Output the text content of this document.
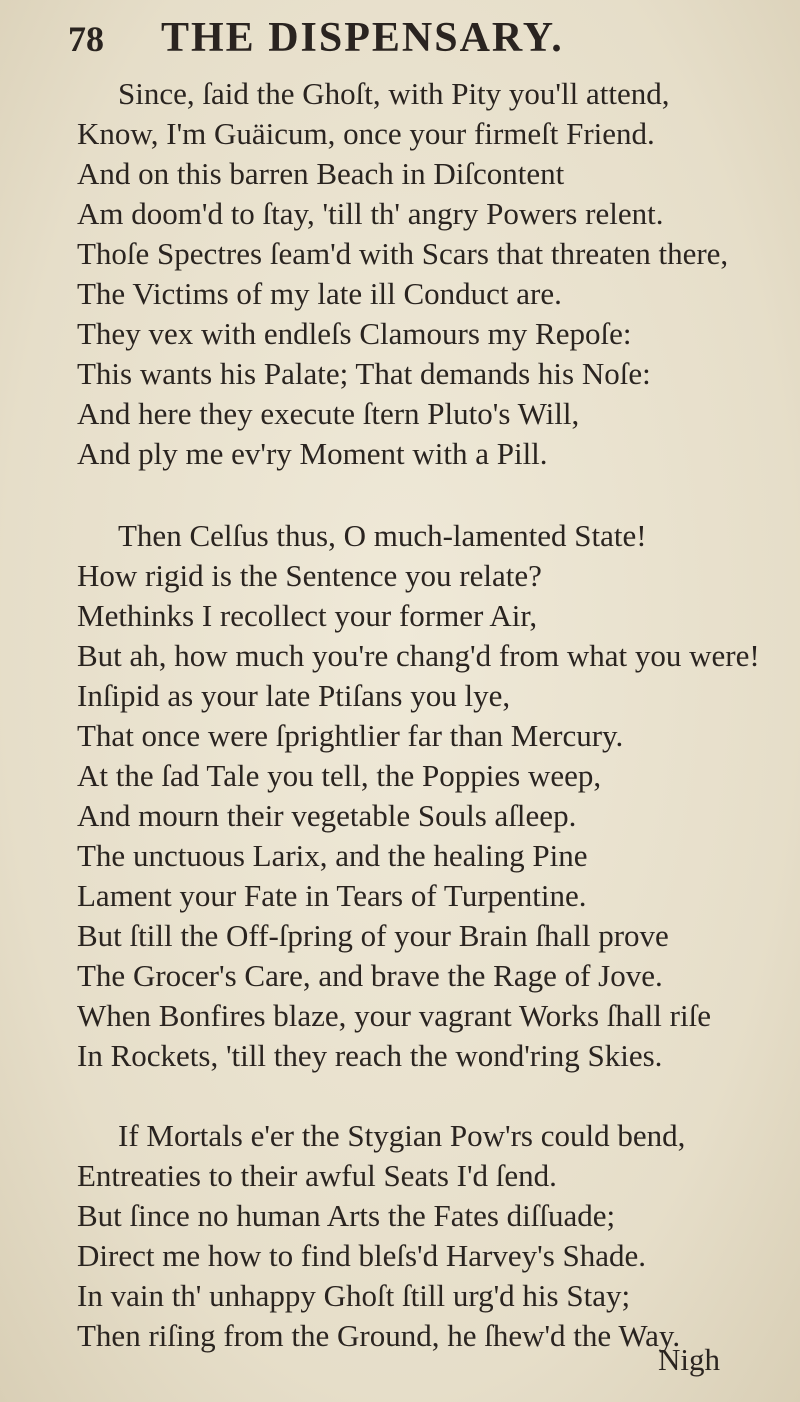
78 THE DISPENSARY.
Since, ſaid the Ghoſt, with Pity you'll attend,
Know, I'm Guäicum, once your firmeſt Friend.
And on this barren Beach in Diſcontent
Am doom'd to ſtay, 'till th' angry Powers relent.
Thoſe Spectres ſeam'd with Scars that threaten there,
The Victims of my late ill Conduct are.
They vex with endleſs Clamours my Repoſe:
This wants his Palate; That demands his Noſe:
And here they execute ſtern Pluto's Will,
And ply me ev'ry Moment with a Pill.
Then Celſus thus, O much-lamented State!
How rigid is the Sentence you relate?
Methinks I recollect your former Air,
But ah, how much you're chang'd from what you were!
Inſipid as your late Ptiſans you lye,
That once were ſprightlier far than Mercury.
At the ſad Tale you tell, the Poppies weep,
And mourn their vegetable Souls aſleep.
The unctuous Larix, and the healing Pine
Lament your Fate in Tears of Turpentine.
But ſtill the Off-ſpring of your Brain ſhall prove
The Grocer's Care, and brave the Rage of Jove.
When Bonfires blaze, your vagrant Works ſhall riſe
In Rockets, 'till they reach the wond'ring Skies.
If Mortals e'er the Stygian Pow'rs could bend,
Entreaties to their awful Seats I'd ſend.
But ſince no human Arts the Fates diſſuade;
Direct me how to find bleſs'd Harvey's Shade.
In vain th' unhappy Ghoſt ſtill urg'd his Stay;
Then riſing from the Ground, he ſhew'd the Way.
Nigh
